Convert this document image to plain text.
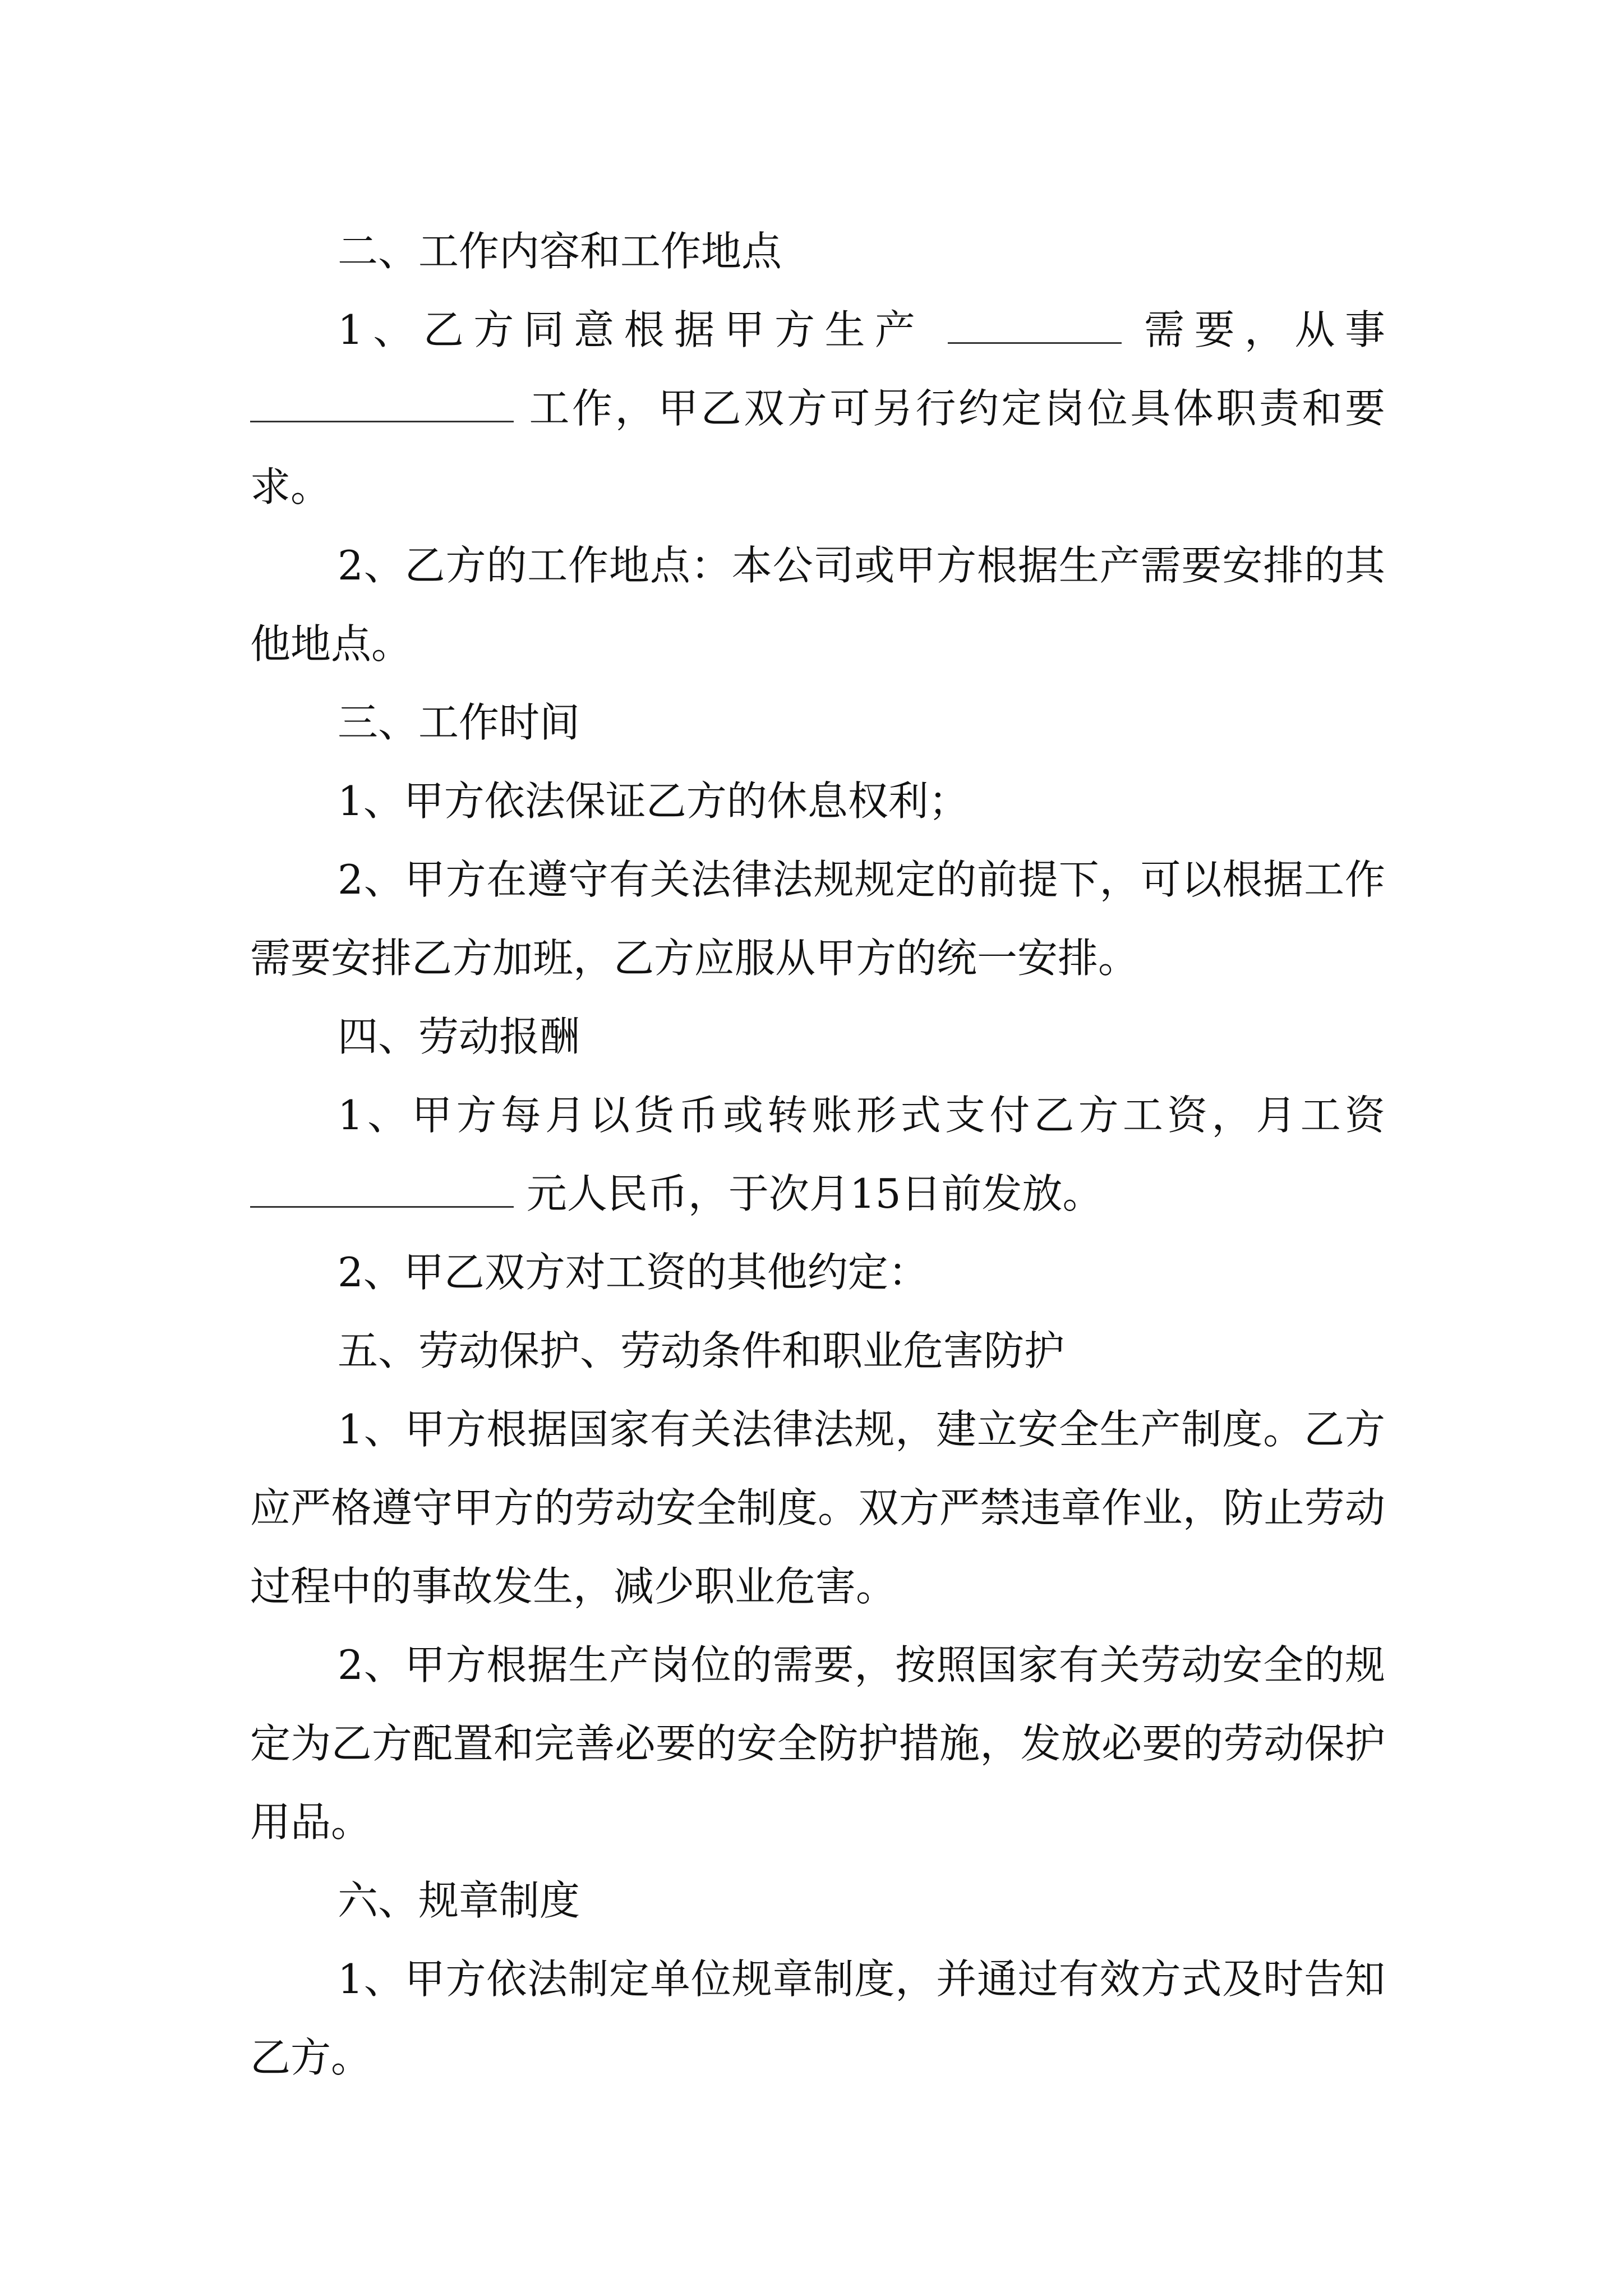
二、工作内容和工作地点

1、乙方同意根据甲方生产	需要，从事  工作，甲乙双方可另行约定岗位具体职责和要求。

2、乙方的工作地点：本公司或甲方根据生产需要安排的其他地点。

三、工作时间

1、甲方依法保证乙方的休息权利；

2、甲方在遵守有关法律法规规定的前提下，可以根据工作需要安排乙方加班，乙方应服从甲方的统一安排。

四、劳动报酬

1、甲方每月以货币或转账形式支付乙方工资，月工资  元人民币，于次月15日前发放。

2、甲乙双方对工资的其他约定：

五、劳动保护、劳动条件和职业危害防护

1、甲方根据国家有关法律法规，建立安全生产制度。乙方应严格遵守甲方的劳动安全制度。双方严禁违章作业，防止劳动过程中的事故发生，减少职业危害。

2、甲方根据生产岗位的需要，按照国家有关劳动安全的规定为乙方配置和完善必要的安全防护措施，发放必要的劳动保护用品。

六、规章制度

1、甲方依法制定单位规章制度，并通过有效方式及时告知乙方。
